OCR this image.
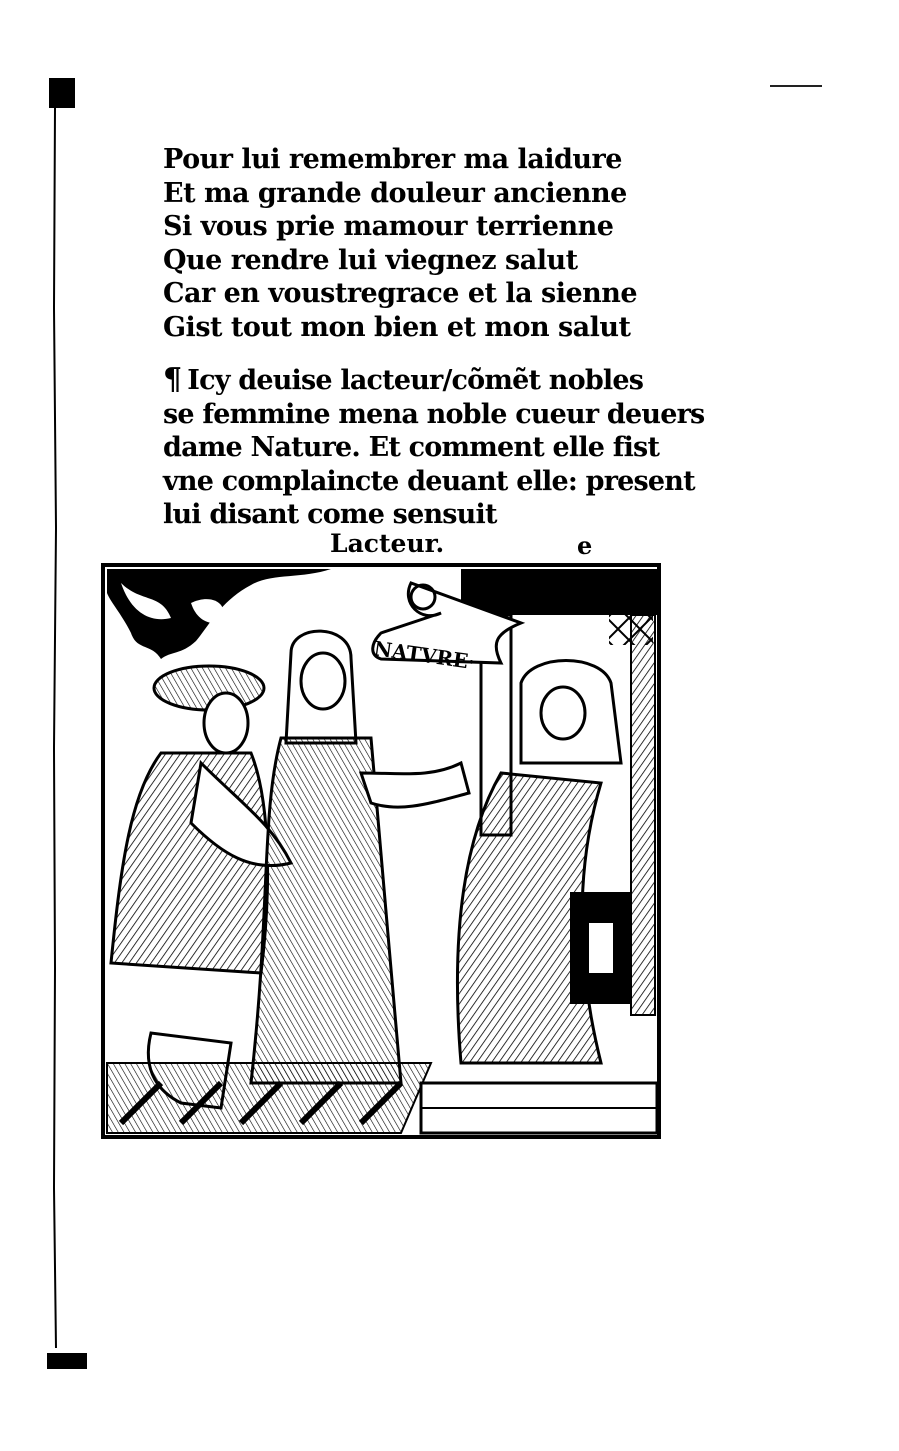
Pour lui remembrer ma laidure
Et ma grande douleur ancienne
Si vous prie mamour terrienne
Que rendre lui viegnez salut
Car en voustregrace et la sienne
Gist tout mon bien et mon salut
¶ Icy deuise lacteur/cõmẽt nobles
se femmine mena noble cueur deuers
dame Nature. Et comment elle fist
vne complaincte deuant elle: present
lui disant come sensuit
Lacteur.	e
NATVRE·
